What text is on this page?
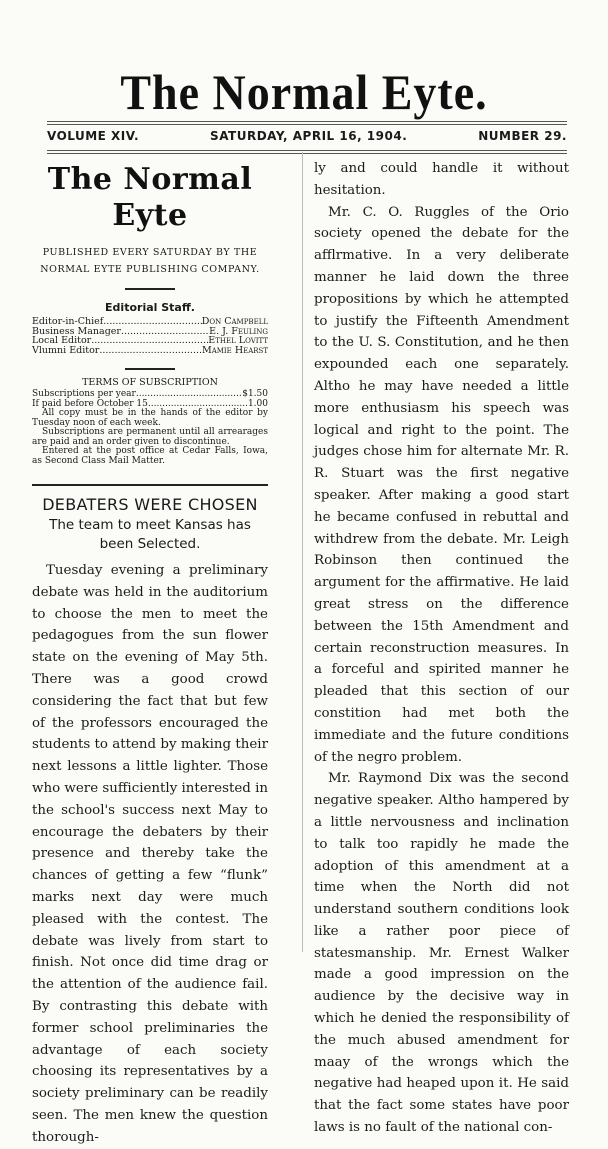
The Normal Eyte.
VOLUME XIV.	SATURDAY, APRIL 16, 1904.	NUMBER 29.
The Normal Eyte
PUBLISHED EVERY SATURDAY BY THE
NORMAL EYTE PUBLISHING COMPANY.
Editorial Staff.
Editor-in-Chief .....	Don Campbell
Business Manager .....	E. J. Feuling
Local Editor .....	Ethel Lovitt
Vlumni Editor .....	Mamie Hearst
TERMS OF SUBSCRIPTION
Subscriptions per year .....	$1.50
If paid before October 15 .....	1.00
All copy must be in the hands of the editor by Tuesday noon of each week.
Subscriptions are permanent until all arrearages are paid and an order given to discontinue.
Entered at the post office at Cedar Falls, Iowa, as Second Class Mail Matter.
DEBATERS WERE CHOSEN
The team to meet Kansas has been Selected.

Tuesday evening a preliminary debate was held in the auditorium to choose the men to meet the pedagogues from the sun flower state on the evening of May 5th. There was a good crowd considering the fact that but few of the professors encouraged the students to attend by making their next lessons a little lighter. Those who were sufficiently interested in the school's success next May to encourage the debaters by their presence and thereby take the chances of getting a few “flunk” marks next day were much pleased with the contest. The debate was lively from start to finish. Not once did time drag or the attention of the audience fail. By contrasting this debate with former school preliminaries the advantage of each society choosing its representatives by a society preliminary can be readily seen. The men knew the question thorough-

ly and could handle it without hesitation.

Mr. C. O. Ruggles of the Orio society opened the debate for the afflrmative. In a very deliberate manner he laid down the three propositions by which he attempted to justify the Fifteenth Amendment to the U. S. Constitution, and he then expounded each one separately. Altho he may have needed a little more enthusiasm his speech was logical and right to the point. The judges chose him for alternate Mr. R. R. Stuart was the first negative speaker. After making a good start he became confused in rebuttal and withdrew from the debate. Mr. Leigh Robinson then continued the argument for the affirmative. He laid great stress on the difference between the 15th Amendment and certain reconstruction measures. In a forceful and spirited manner he pleaded that this section of our constition had met both the immediate and the future conditions of the negro problem.

Mr. Raymond Dix was the second negative speaker. Altho hampered by a little nervousness and inclination to talk too rapidly he made the adoption of this amendment at a time when the North did not understand southern conditions look like a rather poor piece of statesmanship. Mr. Ernest Walker made a good impression on the audience by the decisive way in which he denied the responsibility of the much abused amendment for maay of the wrongs which the negative had heaped upon it. He said that the fact some states have poor laws is no fault of the national con-
